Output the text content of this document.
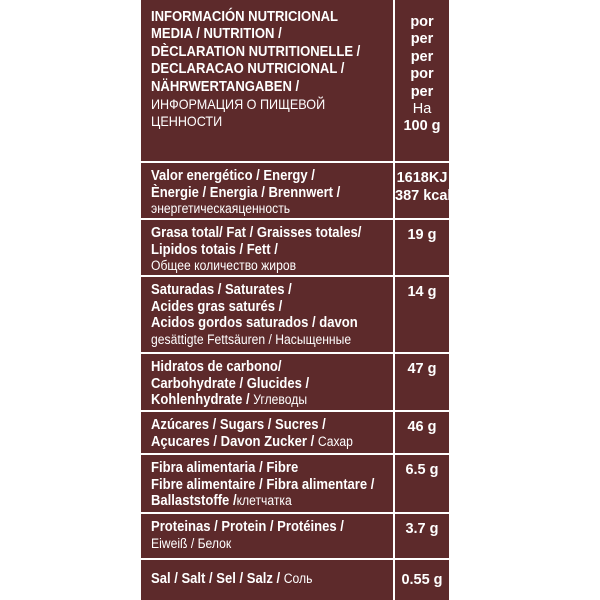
INFORMACIÓN NUTRICIONAL
MEDIA / NUTRITION /
DÈCLARATION NUTRITIONELLE /
DECLARACAO NUTRICIONAL /
NÄHRWERTANGABEN /
ИНФОРМАЦИЯ О ПИЩЕВОЙ
ЦЕННОСТИ
por
per
per
por
per
На
100 g
Valor energético / Energy /
Ènergie / Energia / Brennwert /
энергетическаяценность
1618KJ
387 kcal
Grasa total/ Fat / Graisses totales/
Lipidos totais / Fett /
Общее количество жиров
19 g
Saturadas / Saturates /
Acides gras saturés /
Acidos gordos saturados / davon
gesättigte Fettsäuren / Насыщенные
14 g
Hidratos de carbono/
Carbohydrate / Glucides /
Kohlenhydrate / Углеводы
47 g
Azúcares / Sugars / Sucres /
Açucares / Davon Zucker / Сахар
46 g
Fibra alimentaria / Fibre
Fibre alimentaire / Fibra alimentare /
Ballaststoffe /клетчатка
6.5 g
Proteinas / Protein / Protéines /
Eiweiß / Белок
3.7 g
Sal / Salt / Sel / Salz / Соль	0.55 g
